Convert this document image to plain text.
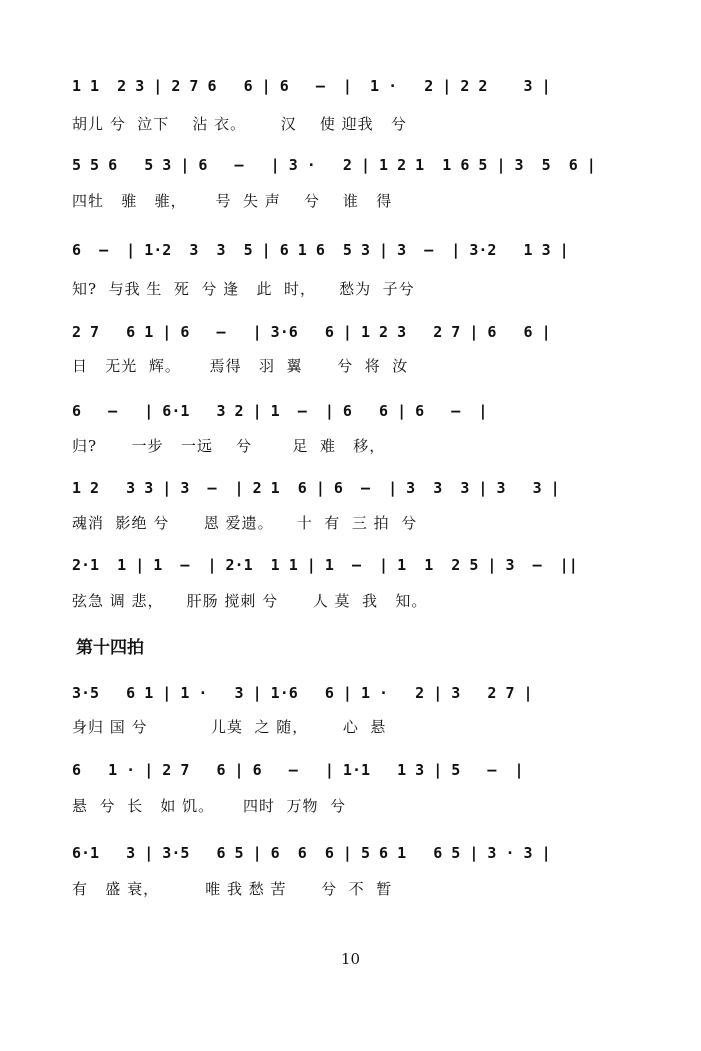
1 1  2 3 | 2 7 6   6 | 6   —  |  1 ·   2 | 2 2    3 |
胡儿 兮  泣下    沾 衣。      汉    使 迎我   兮
5 5 6   5 3 | 6   —   | 3 ·   2 | 1 2 1  1 6 5 | 3  5  6 |
四牡   骓   骓，     号  失 声    兮    谁   得
6  —  | 1·2  3  3  5 | 6 1 6  5 3 | 3  —  | 3·2   1 3 |
知?  与我 生  死  兮 逢   此  时，    愁为  子兮
2 7   6 1 | 6   —   | 3·6   6 | 1 2 3   2 7 | 6   6 |
日   无光  辉。     焉得   羽  翼      兮  将  汝
6   —   | 6·1   3 2 | 1  —  | 6   6 | 6   —  |
归?      一步   一远    兮       足  难   移，
1 2   3 3 | 3  —  | 2 1  6 | 6  —  | 3  3  3 | 3   3 |
魂消  影绝 兮      恩 爱遗。    十  有  三 拍  兮
2·1  1 | 1  —  | 2·1  1 1 | 1  —  | 1  1  2 5 | 3  —  ||
弦急 调 悲，    肝肠 搅刺 兮      人 莫  我   知。
第十四拍
3·5   6 1 | 1 ·   3 | 1·6   6 | 1 ·   2 | 3   2 7 |
身归 国 兮           儿莫  之 随，      心  悬
6   1 · | 2 7   6 | 6   —   | 1·1   1 3 | 5   —  |
悬  兮  长   如 饥。     四时  万物  兮
6·1   3 | 3·5   6 5 | 6  6  6 | 5 6 1   6 5 | 3 · 3 |
有   盛 衰，        唯 我 愁 苦      兮  不  暂
10
